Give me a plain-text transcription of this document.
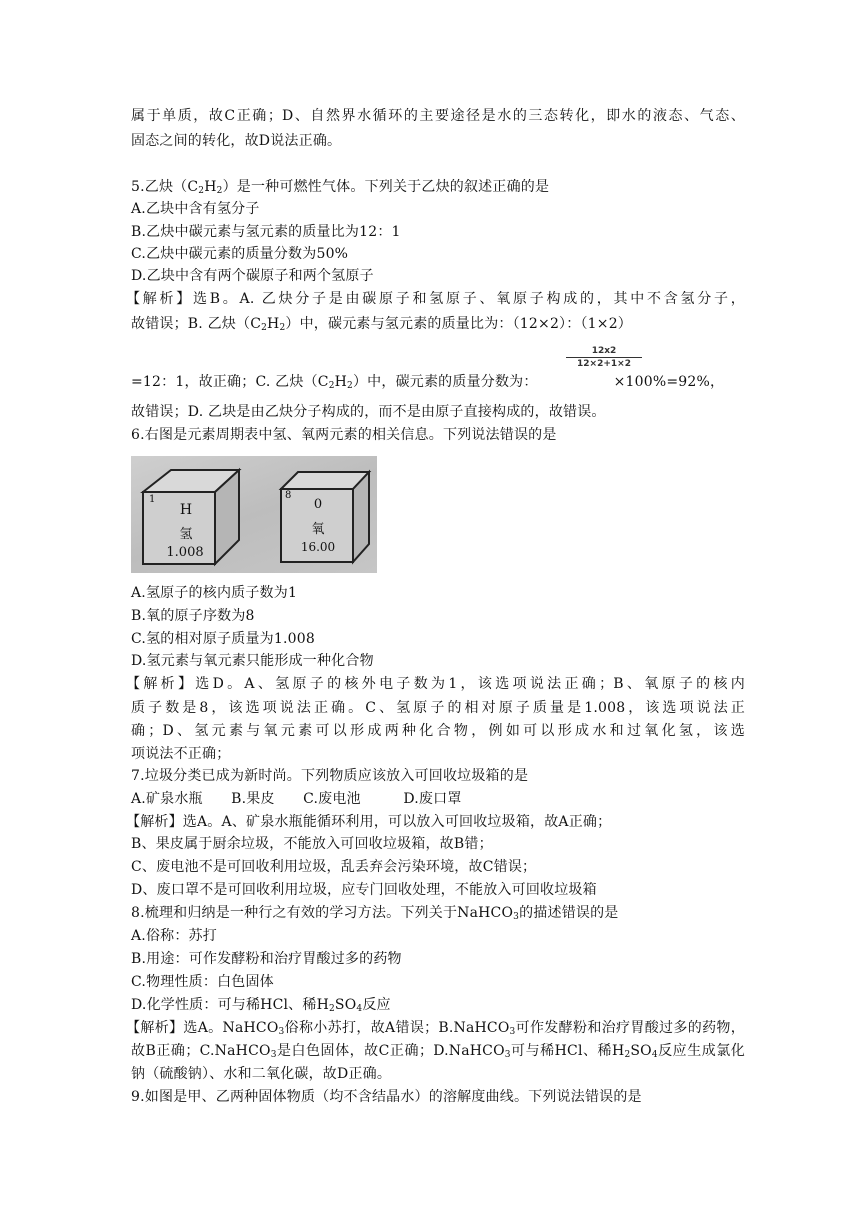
属于单质，故C正确；D、自然界水循环的主要途径是水的三态转化，即水的液态、气态、
固态之间的转化，故D说法正确。
5.乙炔$(C_2H_2)$是一种可燃性气体。下列关于乙炔的叙述正确的是
A.乙块中含有氢分子
B.乙炔中碳元素与氢元素的质量比为12：1
C.乙炔中碳元素的质量分数为50%
D.乙块中含有两个碳原子和两个氢原子
【解析】选B。A. 乙炔分子是由碳原子和氢原子、氧原子构成的，其中不含氢分子，
故错误；B. 乙炔$(C_2H_2)$中，碳元素与氢元素的质量比为：（12×2）：（1×2）
$\frac{12x2}{12\times 2+1\times 2}$
=12：1，故正确；C. 乙炔$(C_2H_2)$中，碳元素的质量分数为：	×100%=92%，
故错误；D. 乙块是由乙炔分子构成的，而不是由原子直接构成的，故错误。
6.右图是元素周期表中氢、氧两元素的相关信息。下列说法错误的是
1
H
氢
1.008
8
0
氧
16.00
A.氢原子的核内质子数为1
B.氧的原子序数为8
C.氢的相对原子质量为1.008
D.氢元素与氧元素只能形成一种化合物
【解析】选D。A、氢原子的核外电子数为1，该选项说法正确；B、氧原子的核内
质子数是8，该选项说法正确。C、氢原子的相对原子质量是1.008，该选项说法正
确；D、氢元素与氧元素可以形成两种化合物，例如可以形成水和过氧化氢，该选
项说法不正确；
7.垃圾分类已成为新时尚。下列物质应该放入可回收垃圾箱的是
A.矿泉水瓶　　B.果皮　　C.废电池　　　D.废口罩
【解析】选A。A、矿泉水瓶能循环利用，可以放入可回收垃圾箱，故A正确；
B、果皮属于厨余垃圾，不能放入可回收垃圾箱，故B错；
C、废电池不是可回收利用垃圾，乱丢弃会污染环境，故C错误；
D、废口罩不是可回收利用垃圾，应专门回收处理，不能放入可回收垃圾箱
8.梳理和归纳是一种行之有效的学习方法。下列关于NaHCO$_3$的描述错误的是
A.俗称：苏打
B.用途：可作发酵粉和治疗胃酸过多的药物
C.物理性质：白色固体
D.化学性质：可与稀HCl、稀$H_2SO_4$反应
【解析】选A。NaHCO$_3$俗称小苏打，故A错误；B.NaHCO$_3$可作发酵粉和治疗胃酸过多的药物，
故B正确；C.NaHCO$_3$是白色固体，故C正确；D.NaHCO$_3$可与稀HCl、稀$H_2SO_4$反应生成氯化
钠（硫酸钠）、水和二氧化碳，故D正确。
9.如图是甲、乙两种固体物质（均不含结晶水）的溶解度曲线。下列说法错误的是
